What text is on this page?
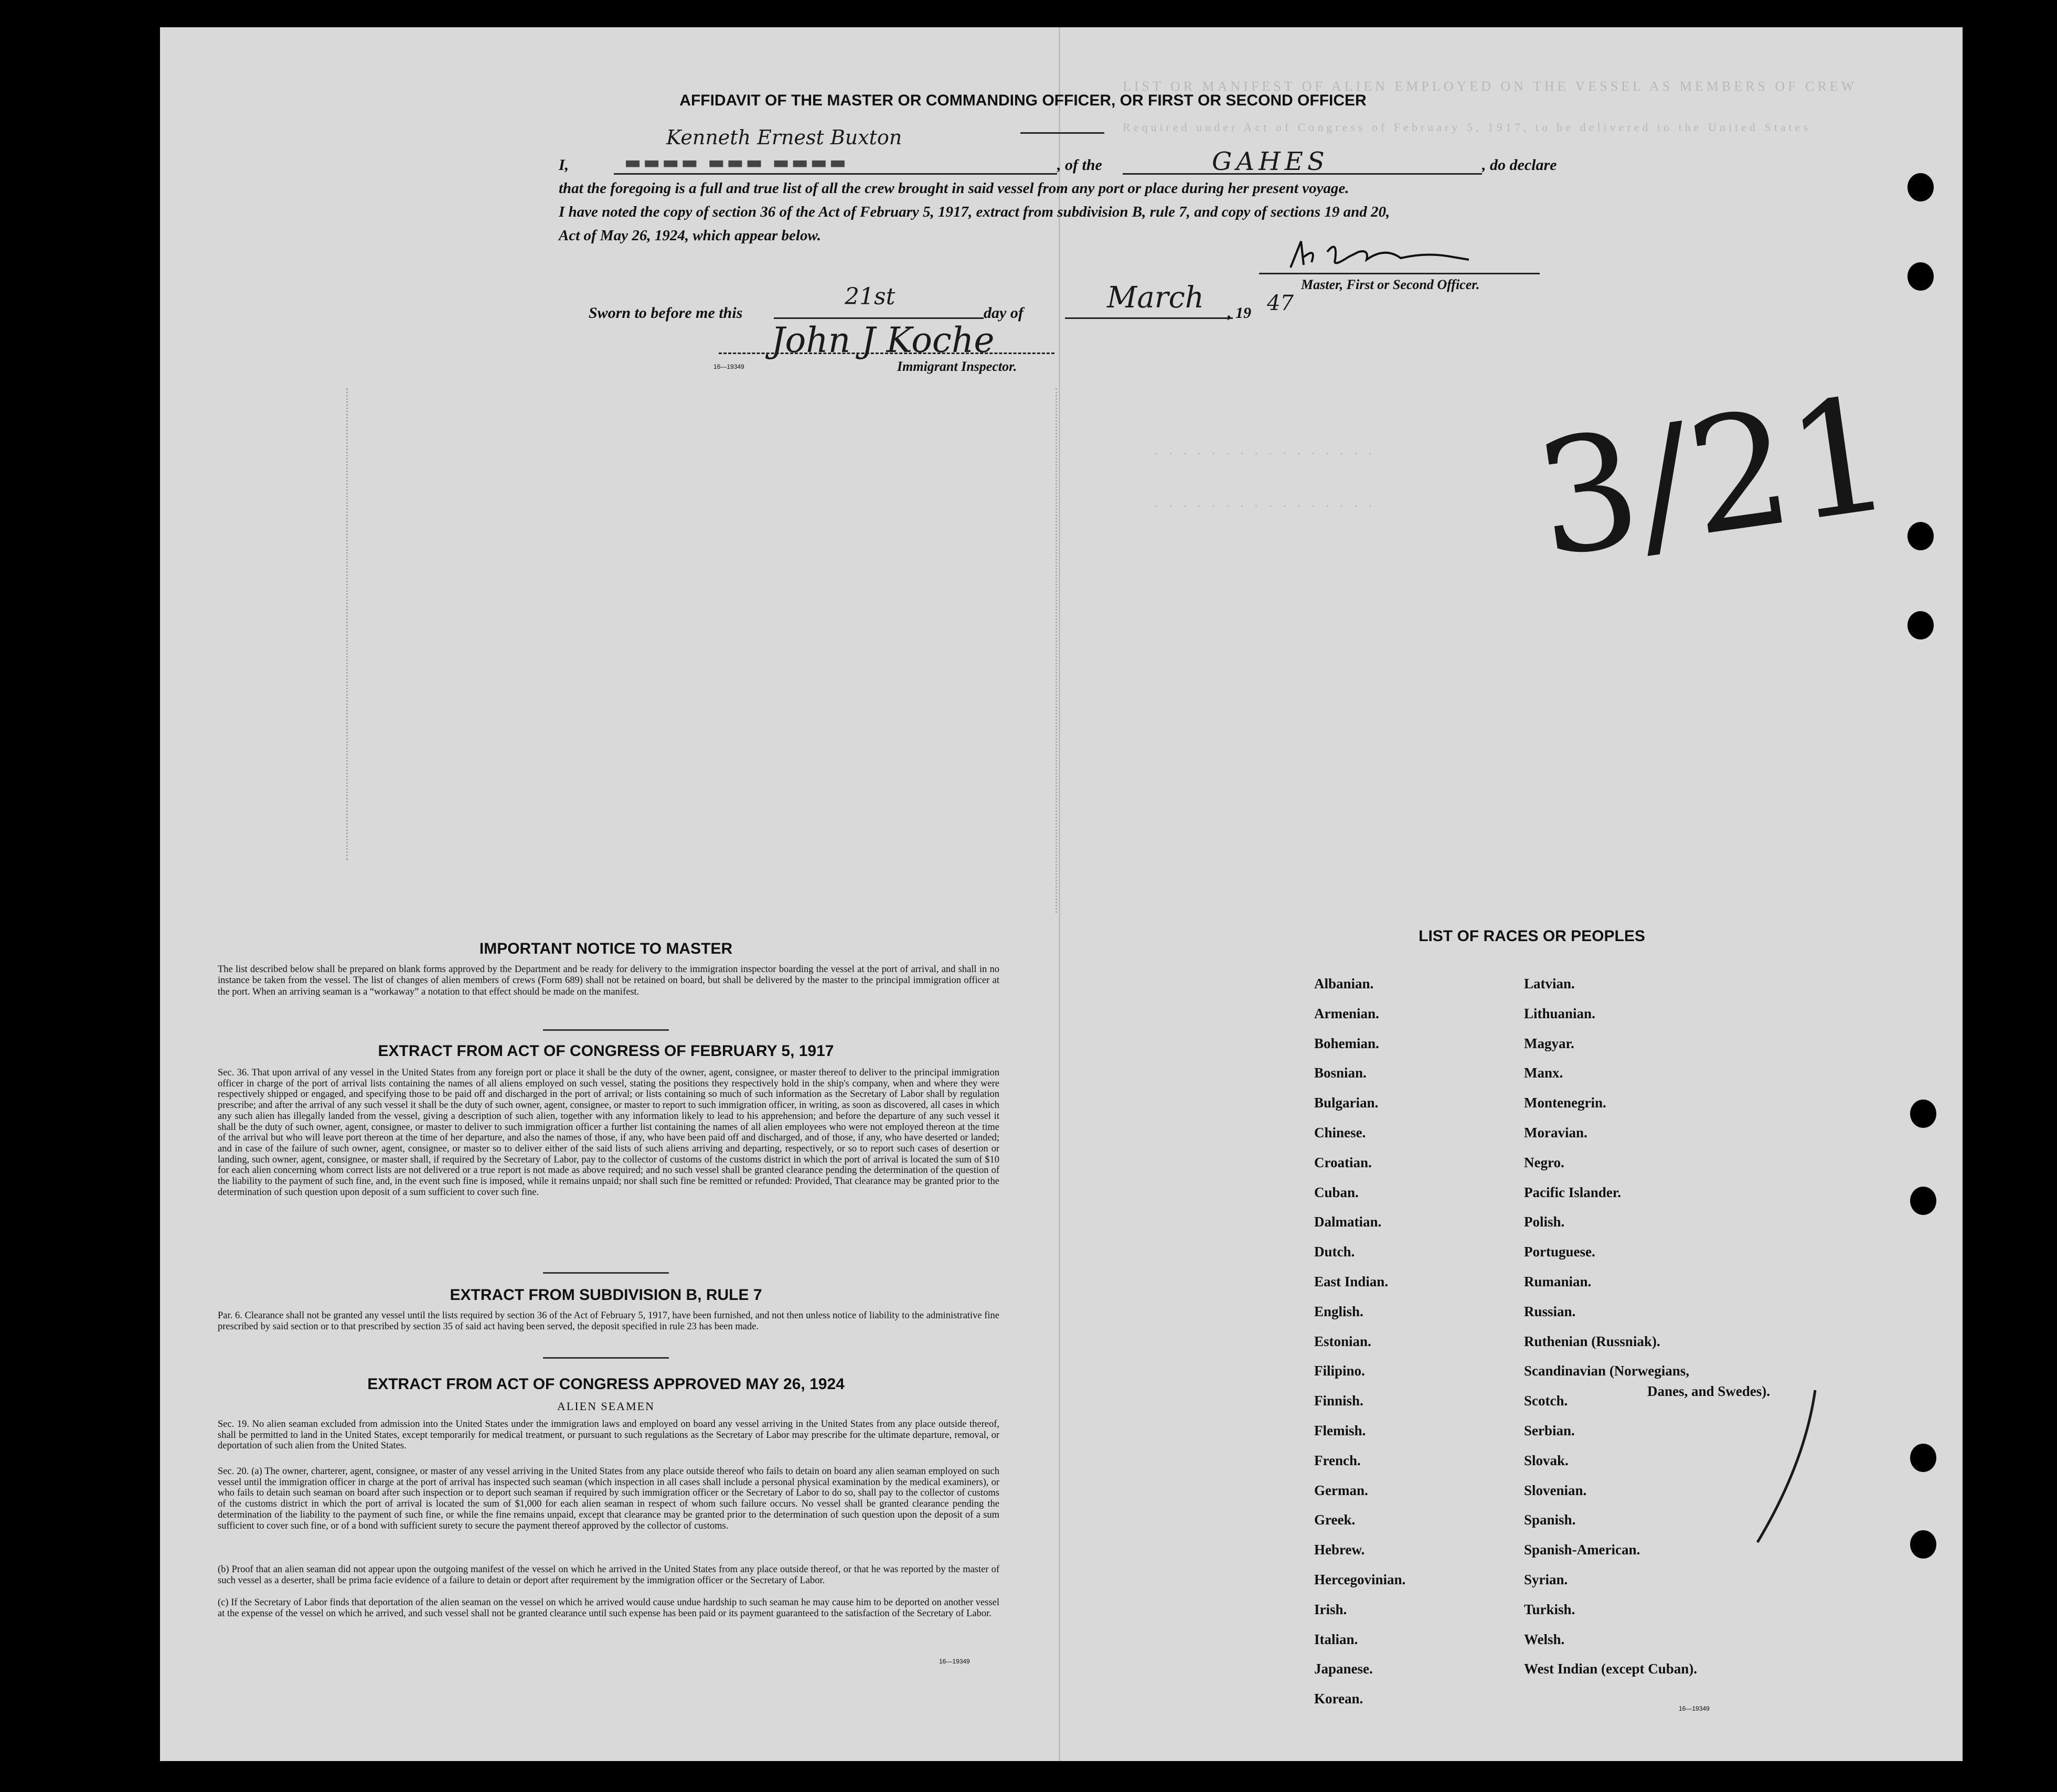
LIST OR MANIFEST OF ALIEN EMPLOYED ON THE VESSEL AS MEMBERS OF CREW
Required under Act of Congress of February 5, 1917, to be delivered to the United States
· · · · · · · · · · · · · · · ·
· · · · · · · · · · · · · · · ·
AFFIDAVIT OF THE MASTER OR COMMANDING OFFICER, OR FIRST OR SECOND OFFICER
I,
Kenneth Ernest Buxton
▬▬▬▬ ▬▬▬ ▬▬▬▬	, of the	GAHES	, do declare
that the foregoing is a full and true list of all the crew brought in said vessel from any port or place during her present voyage.
I have noted the copy of section 36 of the Act of February 5, 1917, extract from subdivision B, rule 7, and copy of sections 19 and 20,
Act of May 26, 1924, which appear below.
Master, First or Second Officer.
Sworn to before me this
21st
day of	March , 19 47
John J Koche
16—19349	Immigrant Inspector.	3/21
IMPORTANT NOTICE TO MASTER
The list described below shall be prepared on blank forms approved by the Department and be ready for delivery to the immigration inspector boarding the vessel at the port of arrival, and shall in no instance be taken from the vessel. The list of changes of alien members of crews (Form 689) shall not be retained on board, but shall be delivered by the master to the principal immigration officer at the port. When an arriving seaman is a “workaway” a notation to that effect should be made on the manifest.
EXTRACT FROM ACT OF CONGRESS OF FEBRUARY 5, 1917
Sec. 36. That upon arrival of any vessel in the United States from any foreign port or place it shall be the duty of the owner, agent, consignee, or master thereof to deliver to the principal immigration officer in charge of the port of arrival lists containing the names of all aliens employed on such vessel, stating the positions they respectively hold in the ship's company, when and where they were respectively shipped or engaged, and specifying those to be paid off and discharged in the port of arrival; or lists containing so much of such information as the Secretary of Labor shall by regulation prescribe; and after the arrival of any such vessel it shall be the duty of such owner, agent, consignee, or master to report to such immigration officer, in writing, as soon as discovered, all cases in which any such alien has illegally landed from the vessel, giving a description of such alien, together with any information likely to lead to his apprehension; and before the departure of any such vessel it shall be the duty of such owner, agent, consignee, or master to deliver to such immigration officer a further list containing the names of all alien employees who were not employed thereon at the time of the arrival but who will leave port thereon at the time of her departure, and also the names of those, if any, who have been paid off and discharged, and of those, if any, who have deserted or landed; and in case of the failure of such owner, agent, consignee, or master so to deliver either of the said lists of such aliens arriving and departing, respectively, or so to report such cases of desertion or landing, such owner, agent, consignee, or master shall, if required by the Secretary of Labor, pay to the collector of customs of the customs district in which the port of arrival is located the sum of $10 for each alien concerning whom correct lists are not delivered or a true report is not made as above required; and no such vessel shall be granted clearance pending the determination of the question of the liability to the payment of such fine, and, in the event such fine is imposed, while it remains unpaid; nor shall such fine be remitted or refunded: Provided, That clearance may be granted prior to the determination of such question upon deposit of a sum sufficient to cover such fine.
EXTRACT FROM SUBDIVISION B, RULE 7
Par. 6. Clearance shall not be granted any vessel until the lists required by section 36 of the Act of February 5, 1917, have been furnished, and not then unless notice of liability to the administrative fine prescribed by said section or to that prescribed by section 35 of said act having been served, the deposit specified in rule 23 has been made.
EXTRACT FROM ACT OF CONGRESS APPROVED MAY 26, 1924
ALIEN SEAMEN
Sec. 19. No alien seaman excluded from admission into the United States under the immigration laws and employed on board any vessel arriving in the United States from any place outside thereof, shall be permitted to land in the United States, except temporarily for medical treatment, or pursuant to such regulations as the Secretary of Labor may prescribe for the ultimate departure, removal, or deportation of such alien from the United States.
Sec. 20. (a) The owner, charterer, agent, consignee, or master of any vessel arriving in the United States from any place outside thereof who fails to detain on board any alien seaman employed on such vessel until the immigration officer in charge at the port of arrival has inspected such seaman (which inspection in all cases shall include a personal physical examination by the medical examiners), or who fails to detain such seaman on board after such inspection or to deport such seaman if required by such immigration officer or the Secretary of Labor to do so, shall pay to the collector of customs of the customs district in which the port of arrival is located the sum of $1,000 for each alien seaman in respect of whom such failure occurs. No vessel shall be granted clearance pending the determination of the liability to the payment of such fine, or while the fine remains unpaid, except that clearance may be granted prior to the determination of such question upon the deposit of a sum sufficient to cover such fine, or of a bond with sufficient surety to secure the payment thereof approved by the collector of customs.
(b) Proof that an alien seaman did not appear upon the outgoing manifest of the vessel on which he arrived in the United States from any place outside thereof, or that he was reported by the master of such vessel as a deserter, shall be prima facie evidence of a failure to detain or deport after requirement by the immigration officer or the Secretary of Labor.
(c) If the Secretary of Labor finds that deportation of the alien seaman on the vessel on which he arrived would cause undue hardship to such seaman he may cause him to be deported on another vessel at the expense of the vessel on which he arrived, and such vessel shall not be granted clearance until such expense has been paid or its payment guaranteed to the satisfaction of the Secretary of Labor.
16—19349
LIST OF RACES OR PEOPLES
Albanian.
Armenian.
Bohemian.
Bosnian.
Bulgarian.
Chinese.
Croatian.
Cuban.
Dalmatian.
Dutch.
East Indian.
English.
Estonian.
Filipino.
Finnish.
Flemish.
French.
German.
Greek.
Hebrew.
Hercegovinian.
Irish.
Italian.
Japanese.
Korean.
Latvian.
Lithuanian.
Magyar.
Manx.
Montenegrin.
Moravian.
Negro.
Pacific Islander.
Polish.
Portuguese.
Rumanian.
Russian.
Ruthenian (Russniak).
Scandinavian (Norwegians,
Scotch.
Serbian.
Slovak.
Slovenian.
Spanish.
Spanish-American.
Syrian.
Turkish.
Welsh.
West Indian (except Cuban).
Danes, and Swedes).
16—19349
